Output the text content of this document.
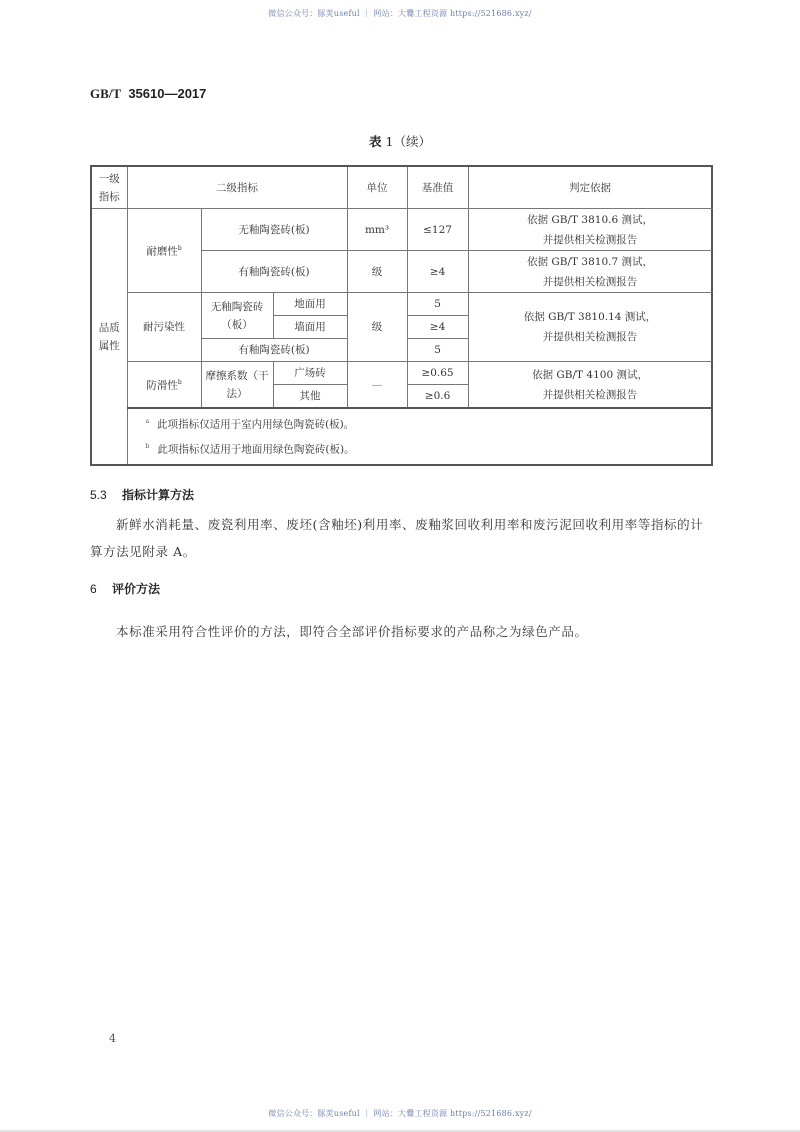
微信公众号：豚荚useful ｜ 网站：大爨工程资源 https://521686.xyz/
GB/T 35610—2017
表 1（续）
一级指标	二级指标			单位	基准值	判定依据
品质属性	耐磨性$^b$	无釉陶瓷砖(板)		mm³	≤127	依据 GB/T 3810.6 测试，
并提供相关检测报告
		有釉陶瓷砖(板)		级	≥4	依据 GB/T 3810.7 测试，
并提供相关检测报告
	耐污染性	无釉陶瓷砖（板）	地面用	级	5	依据 GB/T 3810.14 测试，
并提供相关检测报告
			墙面用		≥4	
		有釉陶瓷砖(板)			5	
	防滑性$^b$	摩擦系数（干法）	广场砖	—	≥0.65	依据 GB/T 4100 测试，
并提供相关检测报告
			其他		≥0.6	

	$^a$ 此项指标仅适用于室内用绿色陶瓷砖(板)。
$^b$ 此项指标仅适用于地面用绿色陶瓷砖(板)。					
5.3 指标计算方法
新鲜水消耗量、废瓷利用率、废坯(含釉坯)利用率、废釉浆回收利用率和废污泥回收利用率等指标的计算方法见附录 A。
6 评价方法
本标准采用符合性评价的方法，即符合全部评价指标要求的产品称之为绿色产品。
4
微信公众号：豚荚useful ｜ 网站：大爨工程资源 https://521686.xyz/
